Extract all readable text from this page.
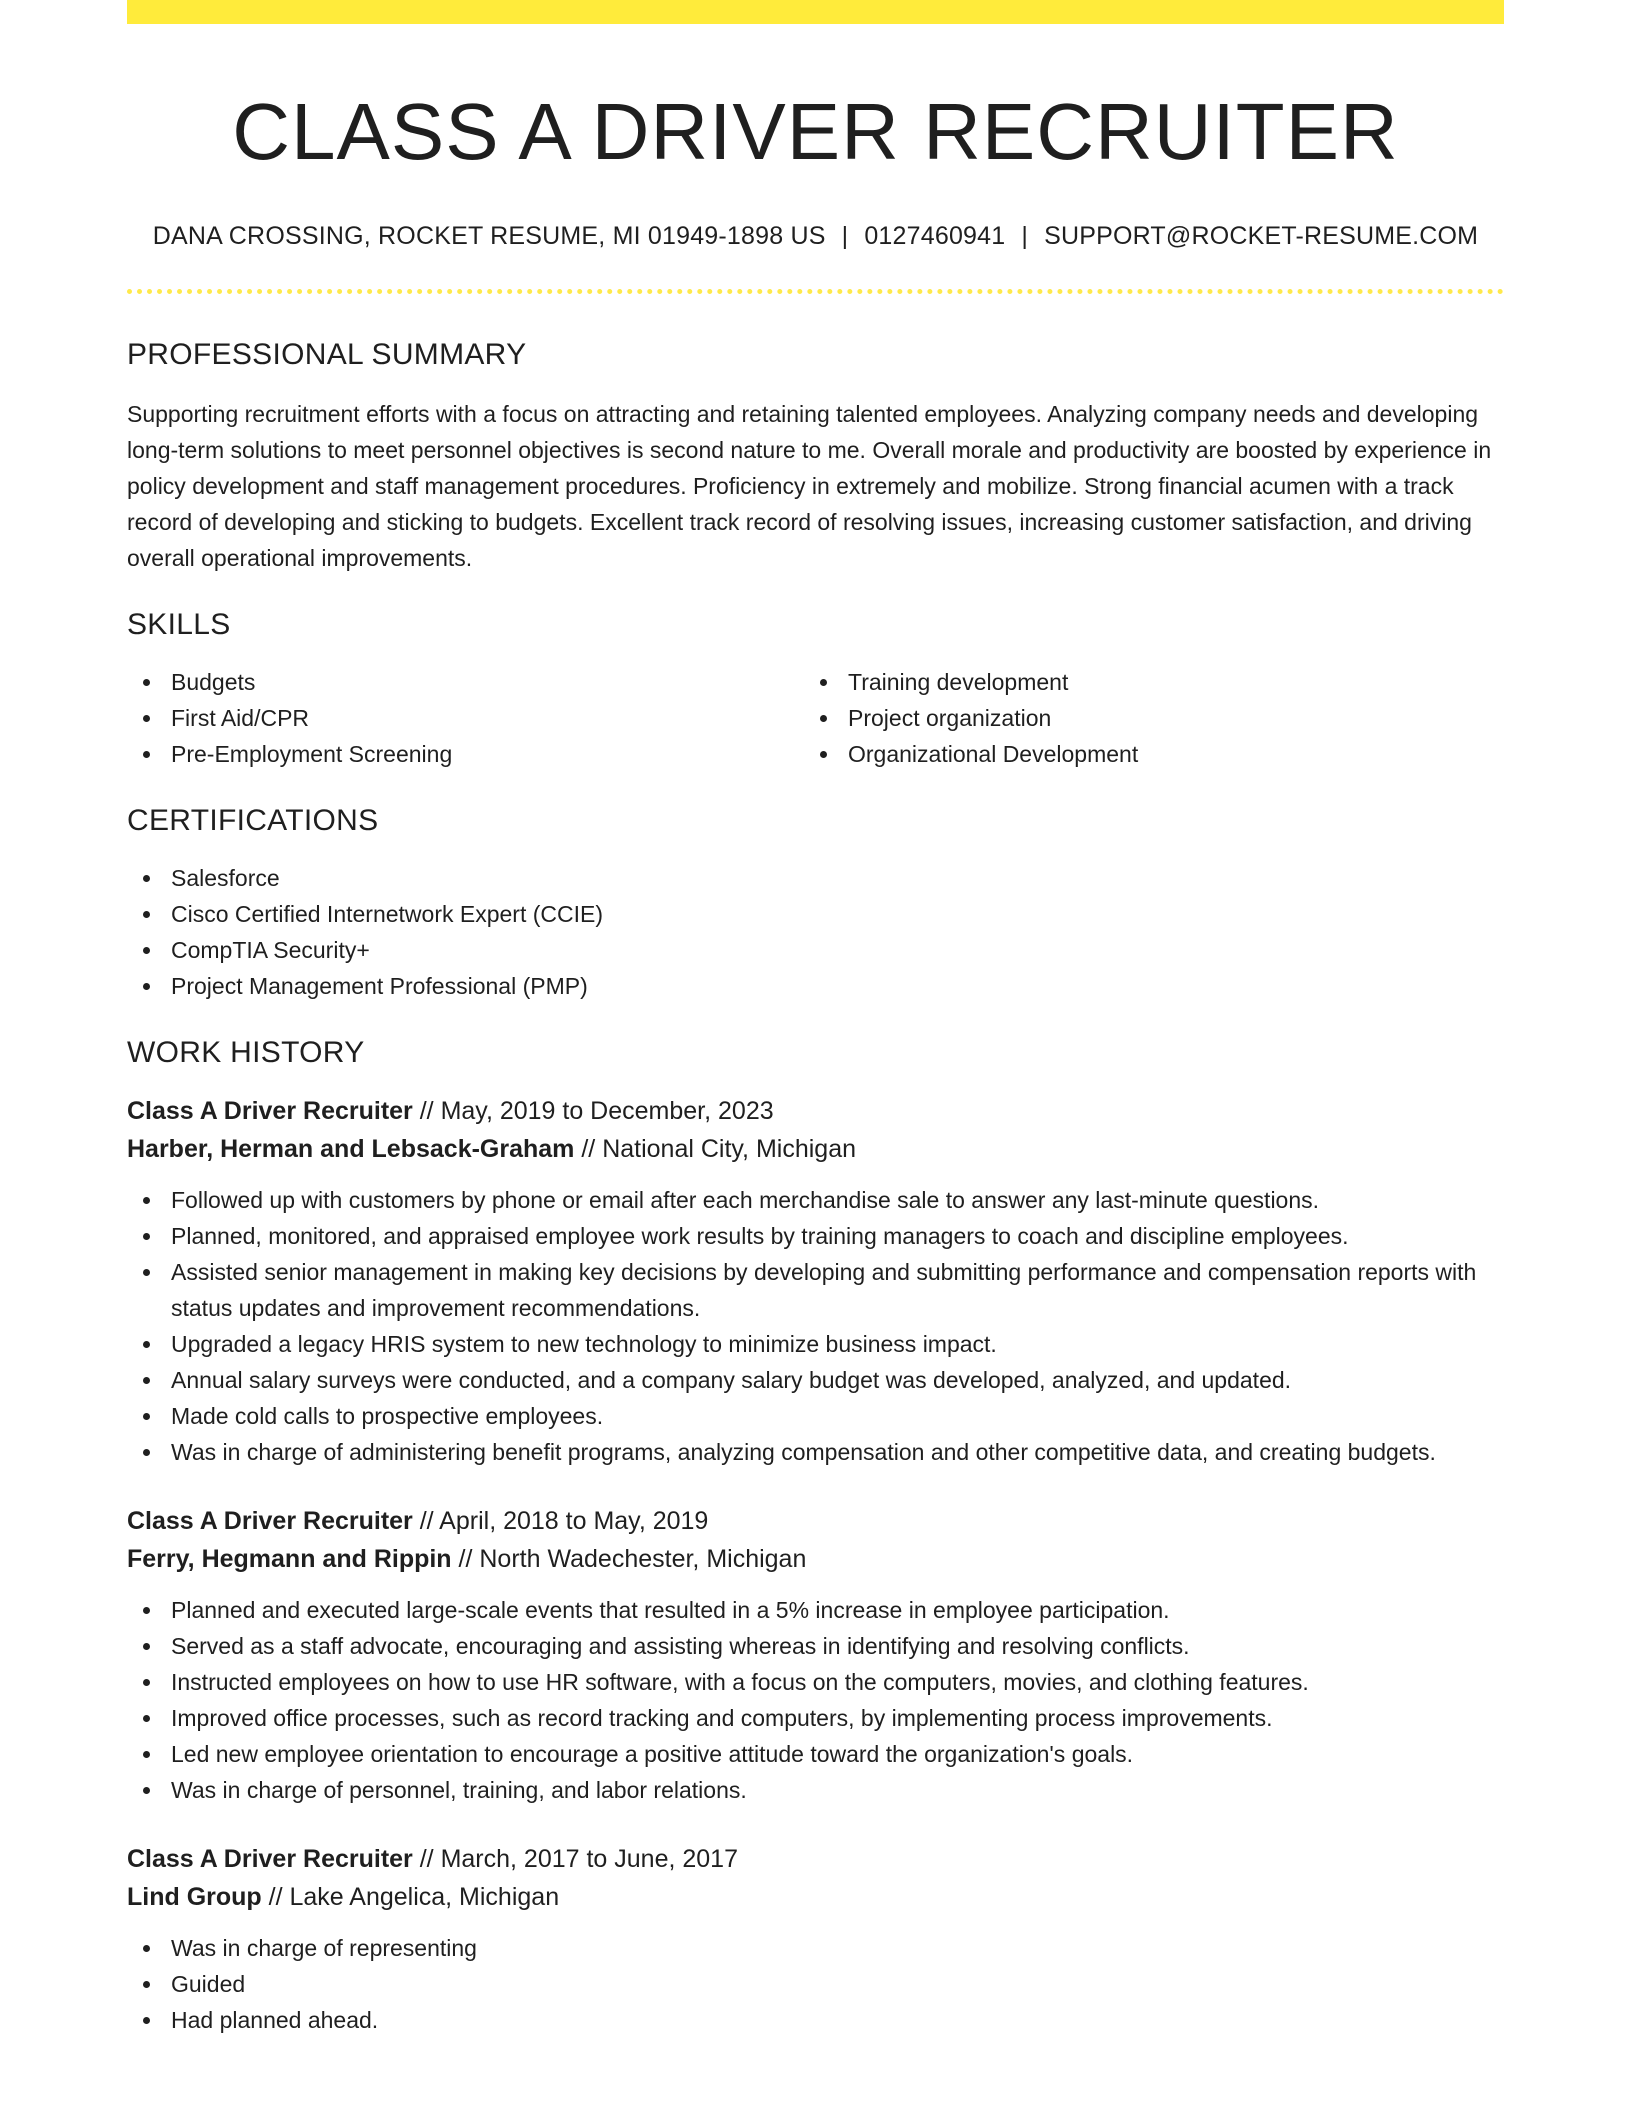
CLASS A DRIVER RECRUITER
DANA CROSSING, ROCKET RESUME, MI 01949-1898 US | 0127460941 | SUPPORT@ROCKET-RESUME.COM
PROFESSIONAL SUMMARY
Supporting recruitment efforts with a focus on attracting and retaining talented employees. Analyzing company needs and developing long-term solutions to meet personnel objectives is second nature to me. Overall morale and productivity are boosted by experience in policy development and staff management procedures. Proficiency in extremely and mobilize. Strong financial acumen with a track record of developing and sticking to budgets. Excellent track record of resolving issues, increasing customer satisfaction, and driving overall operational improvements.
SKILLS
Budgets
First Aid/CPR
Pre-Employment Screening
Training development
Project organization
Organizational Development
CERTIFICATIONS
Salesforce
Cisco Certified Internetwork Expert (CCIE)
CompTIA Security+
Project Management Professional (PMP)
WORK HISTORY
Class A Driver Recruiter // May, 2019 to December, 2023
Harber, Herman and Lebsack-Graham // National City, Michigan
Followed up with customers by phone or email after each merchandise sale to answer any last-minute questions.
Planned, monitored, and appraised employee work results by training managers to coach and discipline employees.
Assisted senior management in making key decisions by developing and submitting performance and compensation reports with status updates and improvement recommendations.
Upgraded a legacy HRIS system to new technology to minimize business impact.
Annual salary surveys were conducted, and a company salary budget was developed, analyzed, and updated.
Made cold calls to prospective employees.
Was in charge of administering benefit programs, analyzing compensation and other competitive data, and creating budgets.
Class A Driver Recruiter // April, 2018 to May, 2019
Ferry, Hegmann and Rippin // North Wadechester, Michigan
Planned and executed large-scale events that resulted in a 5% increase in employee participation.
Served as a staff advocate, encouraging and assisting whereas in identifying and resolving conflicts.
Instructed employees on how to use HR software, with a focus on the computers, movies, and clothing features.
Improved office processes, such as record tracking and computers, by implementing process improvements.
Led new employee orientation to encourage a positive attitude toward the organization's goals.
Was in charge of personnel, training, and labor relations.
Class A Driver Recruiter // March, 2017 to June, 2017
Lind Group // Lake Angelica, Michigan
Was in charge of representing
Guided
Had planned ahead.
